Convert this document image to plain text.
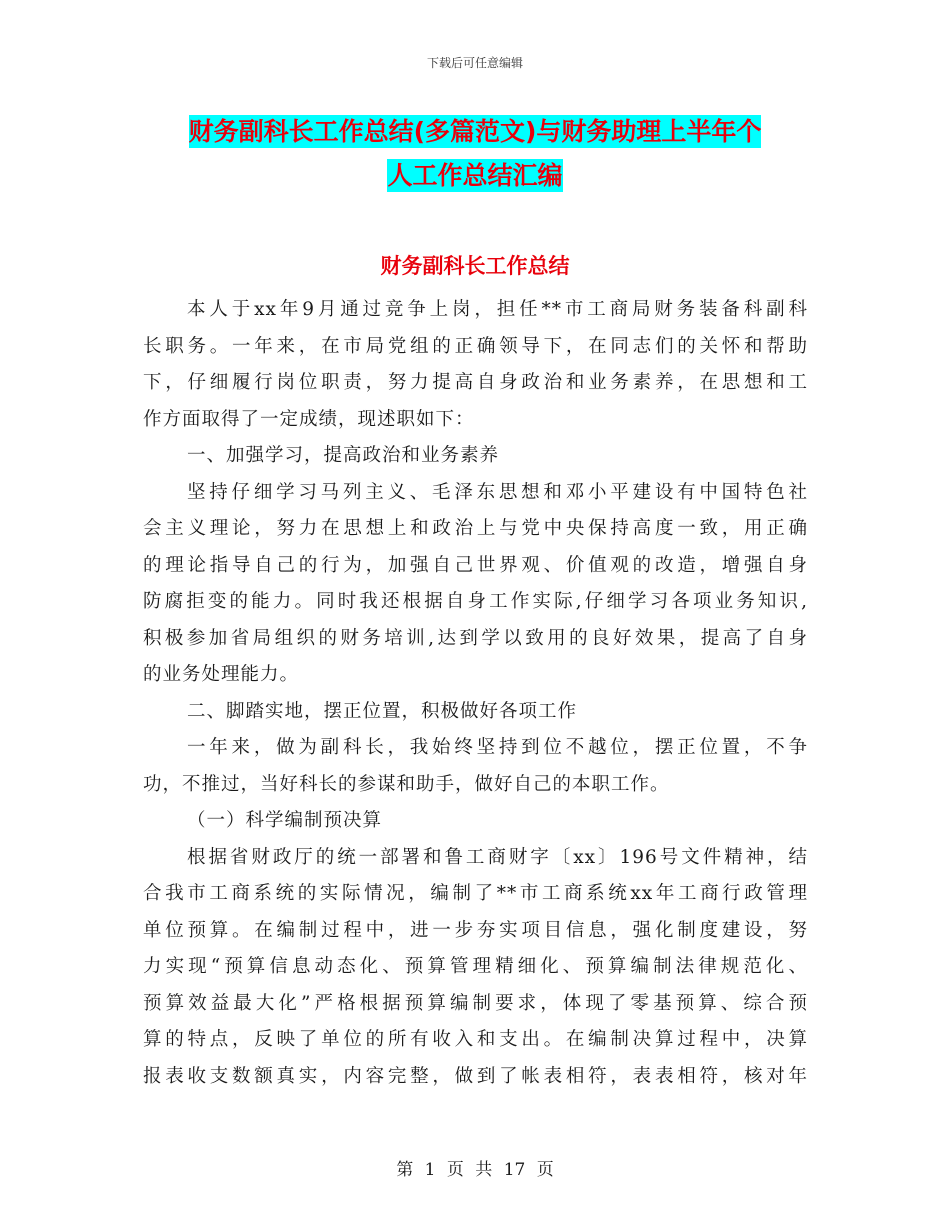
下载后可任意编辑
财务副科长工作总结(多篇范文)与财务助理上半年个
人工作总结汇编
财务副科长工作总结
本人于xx年9月通过竞争上岗，担任**市工商局财务装备科副科
长职务。一年来，在市局党组的正确领导下，在同志们的关怀和帮助
下，仔细履行岗位职责，努力提高自身政治和业务素养，在思想和工
作方面取得了一定成绩，现述职如下：
一、加强学习，提高政治和业务素养
坚持仔细学习马列主义、毛泽东思想和邓小平建设有中国特色社
会主义理论，努力在思想上和政治上与党中央保持高度一致，用正确
的理论指导自己的行为，加强自己世界观、价值观的改造，增强自身
防腐拒变的能力。同时我还根据自身工作实际,仔细学习各项业务知识,
积极参加省局组织的财务培训,达到学以致用的良好效果，提高了自身
的业务处理能力。
二、脚踏实地，摆正位置，积极做好各项工作
一年来，做为副科长，我始终坚持到位不越位，摆正位置，不争
功，不推过，当好科长的参谋和助手，做好自己的本职工作。
（一）科学编制预决算
根据省财政厅的统一部署和鲁工商财字〔xx〕196号文件精神，结
合我市工商系统的实际情况，编制了**市工商系统xx年工商行政管理
单位预算。在编制过程中，进一步夯实项目信息，强化制度建设，努
力实现“预算信息动态化、预算管理精细化、预算编制法律规范化、
预算效益最大化”严格根据预算编制要求，体现了零基预算、综合预
算的特点，反映了单位的所有收入和支出。在编制决算过程中，决算
报表收支数额真实，内容完整，做到了帐表相符，表表相符，核对年
第 1 页 共 17 页
